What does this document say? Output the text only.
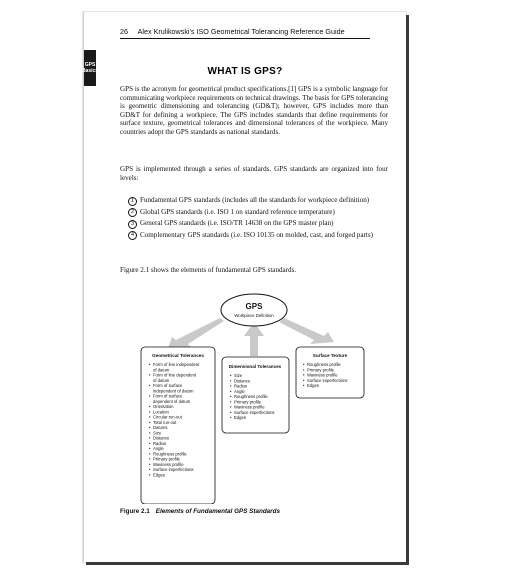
GPS
Basics
26 Alex Krulikowski's ISO Geometrical Tolerancing Reference Guide
WHAT IS GPS?
GPS is the acronym for geometrical product specifications.[1] GPS is a symbolic language for communicating workpiece requirements on technical drawings. The basis for GPS tolerancing is geometric dimensioning and tolerancing (GD&T); however, GPS includes more than GD&T for defining a workpiece. The GPS includes standards that define requirements for surface texture, geometrical tolerances and dimensional tolerances of the workpiece. Many countries adopt the GPS standards as national standards.
GPS is implemented through a series of standards. GPS standards are organized into four levels:
1 Fundamental GPS standards (includes all the standards for workpiece definition)
2 Global GPS standards (i.e. ISO 1 on standard reference temperature)
3 General GPS standards (i.e. ISO/TR 14638 on the GPS master plan)
4 Complementary GPS standards (i.e. ISO 10135 on molded, cast, and forged parts)
Figure 2.1 shows the elements of fundamental GPS standards.
GPS
Workpiece Definition
Geometrical Tolerances
• Form of line independent
of datum
• Form of line dependent
of datum
• Form of surface
independent of datum
• Form of surface
dependent of datum
• Orientation
• Location
• Circular run-out
• Total run-out
• Datums
• Size
• Distance
• Radius
• Angle
• Roughness profile
• Primary profile
• Waviness profile
• Surface imperfections
• Edges
Dimensional Tolerances
• Size
• Distance
• Radius
• Angle
• Roughness profile
• Primary profile
• Waviness profile
• Surface imperfections
• Edges
Surface Texture
• Roughness profile
• Primary profile
• Waviness profile
• Surface imperfections
• Edges
Figure 2.1 Elements of Fundamental GPS Standards
